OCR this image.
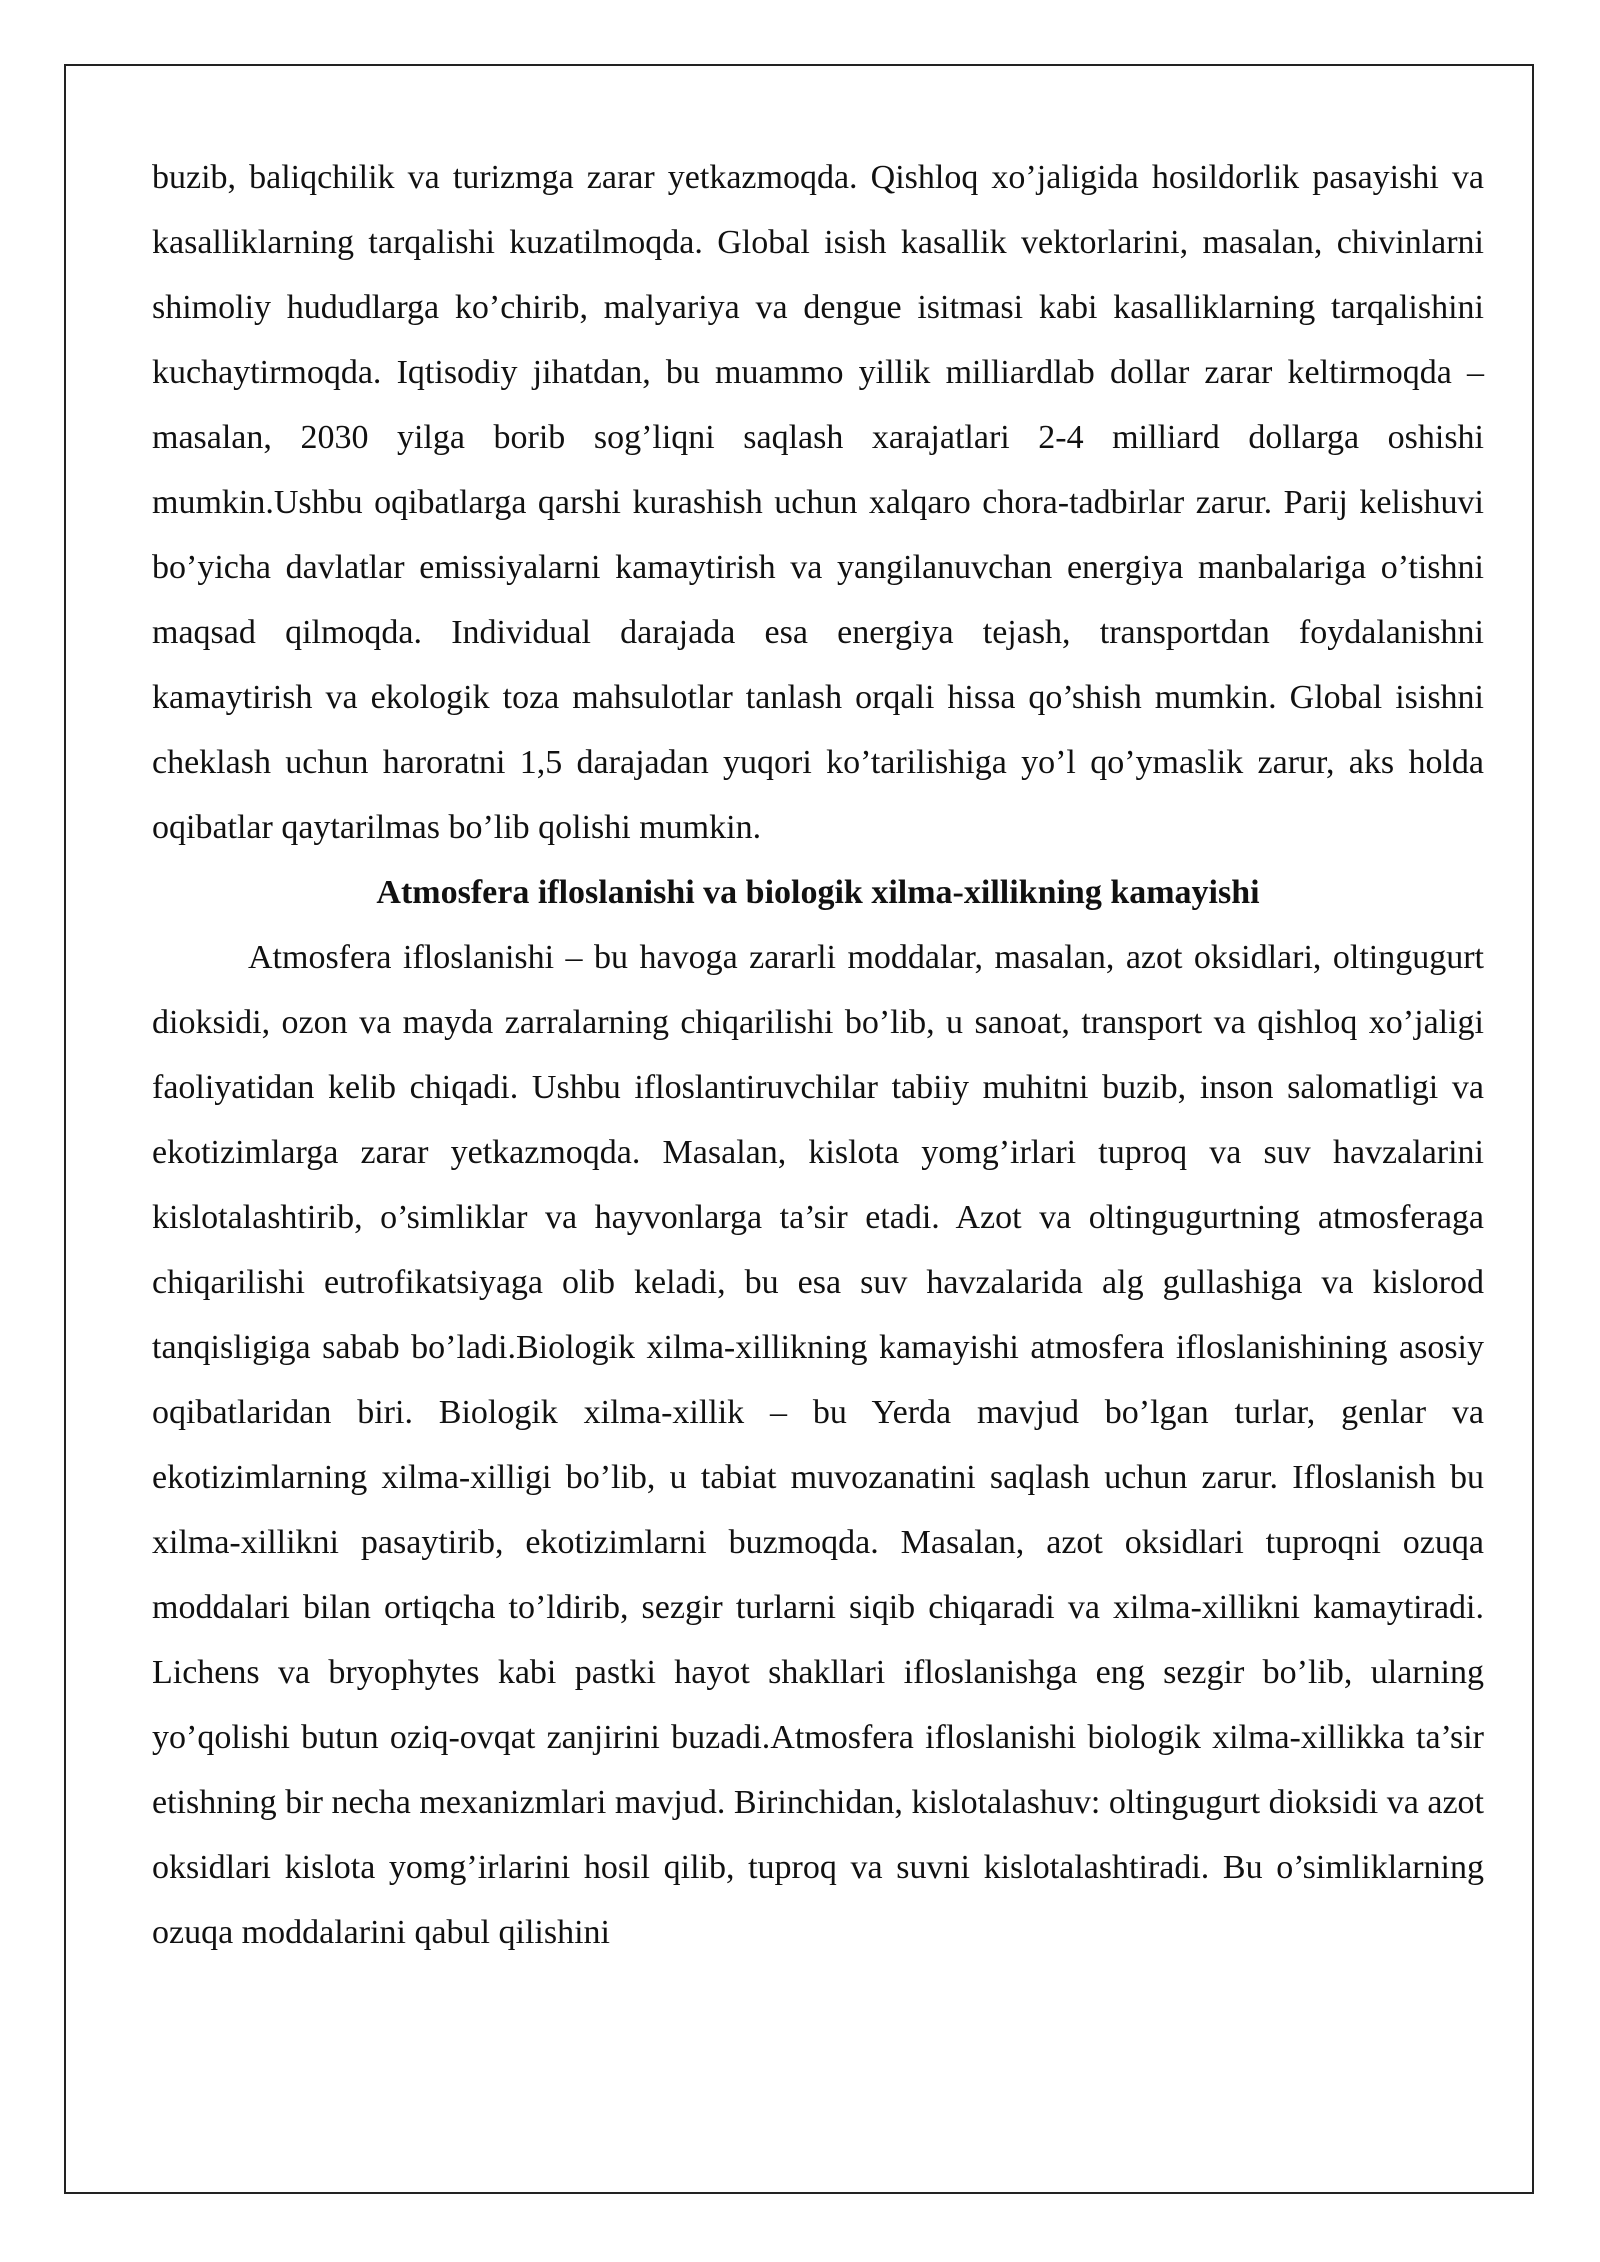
buzib, baliqchilik va turizmga zarar yetkazmoqda. Qishloq xo’jaligida hosildorlik pasayishi va kasalliklarning tarqalishi kuzatilmoqda. Global isish kasallik vektorlarini, masalan, chivinlarni shimoliy hududlarga ko’chirib, malyariya va dengue isitmasi kabi kasalliklarning tarqalishini kuchaytirmoqda. Iqtisodiy jihatdan, bu muammo yillik milliardlab dollar zarar keltirmoqda – masalan, 2030 yilga borib sog’liqni saqlash xarajatlari 2-4 milliard dollarga oshishi mumkin.Ushbu oqibatlarga qarshi kurashish uchun xalqaro chora-tadbirlar zarur. Parij kelishuvi bo’yicha davlatlar emissiyalarni kamaytirish va yangilanuvchan energiya manbalariga o’tishni maqsad qilmoqda. Individual darajada esa energiya tejash, transportdan foydalanishni kamaytirish va ekologik toza mahsulotlar tanlash orqali hissa qo’shish mumkin. Global isishni cheklash uchun haroratni 1,5 darajadan yuqori ko’tarilishiga yo’l qo’ymaslik zarur, aks holda oqibatlar qaytarilmas bo’lib qolishi mumkin.

Atmosfera ifloslanishi va biologik xilma-xillikning kamayishi

Atmosfera ifloslanishi – bu havoga zararli moddalar, masalan, azot oksidlari, oltingugurt dioksidi, ozon va mayda zarralarning chiqarilishi bo’lib, u sanoat, transport va qishloq xo’jaligi faoliyatidan kelib chiqadi. Ushbu ifloslantiruvchilar tabiiy muhitni buzib, inson salomatligi va ekotizimlarga zarar yetkazmoqda. Masalan, kislota yomg’irlari tuproq va suv havzalarini kislotalashtirib, o’simliklar va hayvonlarga ta’sir etadi. Azot va oltingugurtning atmosferaga chiqarilishi eutrofikatsiyaga olib keladi, bu esa suv havzalarida alg gullashiga va kislorod tanqisligiga sabab bo’ladi.Biologik xilma-xillikning kamayishi atmosfera ifloslanishining asosiy oqibatlaridan biri. Biologik xilma-xillik – bu Yerda mavjud bo’lgan turlar, genlar va ekotizimlarning xilma-xilligi bo’lib, u tabiat muvozanatini saqlash uchun zarur. Ifloslanish bu xilma-xillikni pasaytirib, ekotizimlarni buzmoqda. Masalan, azot oksidlari tuproqni ozuqa moddalari bilan ortiqcha to’ldirib, sezgir turlarni siqib chiqaradi va xilma-xillikni kamaytiradi. Lichens va bryophytes kabi pastki hayot shakllari ifloslanishga eng sezgir bo’lib, ularning yo’qolishi butun oziq-ovqat zanjirini buzadi.Atmosfera ifloslanishi biologik xilma-xillikka ta’sir etishning bir necha mexanizmlari mavjud. Birinchidan, kislotalashuv: oltingugurt dioksidi va azot oksidlari kislota yomg’irlarini hosil qilib, tuproq va suvni kislotalashtiradi. Bu o’simliklarning ozuqa moddalarini qabul qilishini
